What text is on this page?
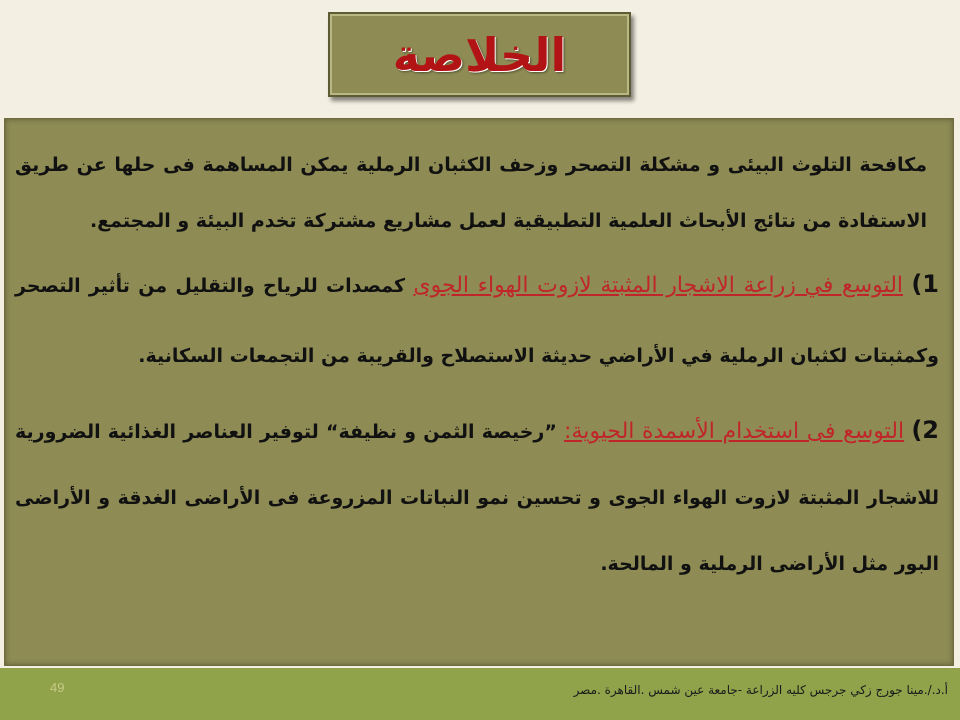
الخلاصة

مكافحة التلوث البيئى و مشكلة التصحر وزحف الكثبان الرملية يمكن المساهمة فى حلها عن طريق الاستفادة من نتائج الأبحاث العلمية التطبيقية لعمل مشاريع مشتركة تخدم البيئة و المجتمع.

1) التوسع في زراعة الاشجار المثبتة لازوت الهواء الجوى كمصدات للرياح والتقليل من تأثير التصحر وكمثبتات لكثبان الرملية في الأراضي حديثة الاستصلاح والقريبة من التجمعات السكانية.

2) التوسع فى استخدام الأسمدة الحيوية: ”رخيصة الثمن و نظيفة“ لتوفير العناصر الغذائية الضرورية للاشجار المثبتة لازوت الهواء الجوى و تحسين نمو النباتات المزروعة فى الأراضى الغدقة و الأراضى البور مثل الأراضى الرملية و المالحة.

49	أ.د./.مينا جورج زكي جرجس كليه الزراعة -جامعة عين شمس .القاهرة .مصر
